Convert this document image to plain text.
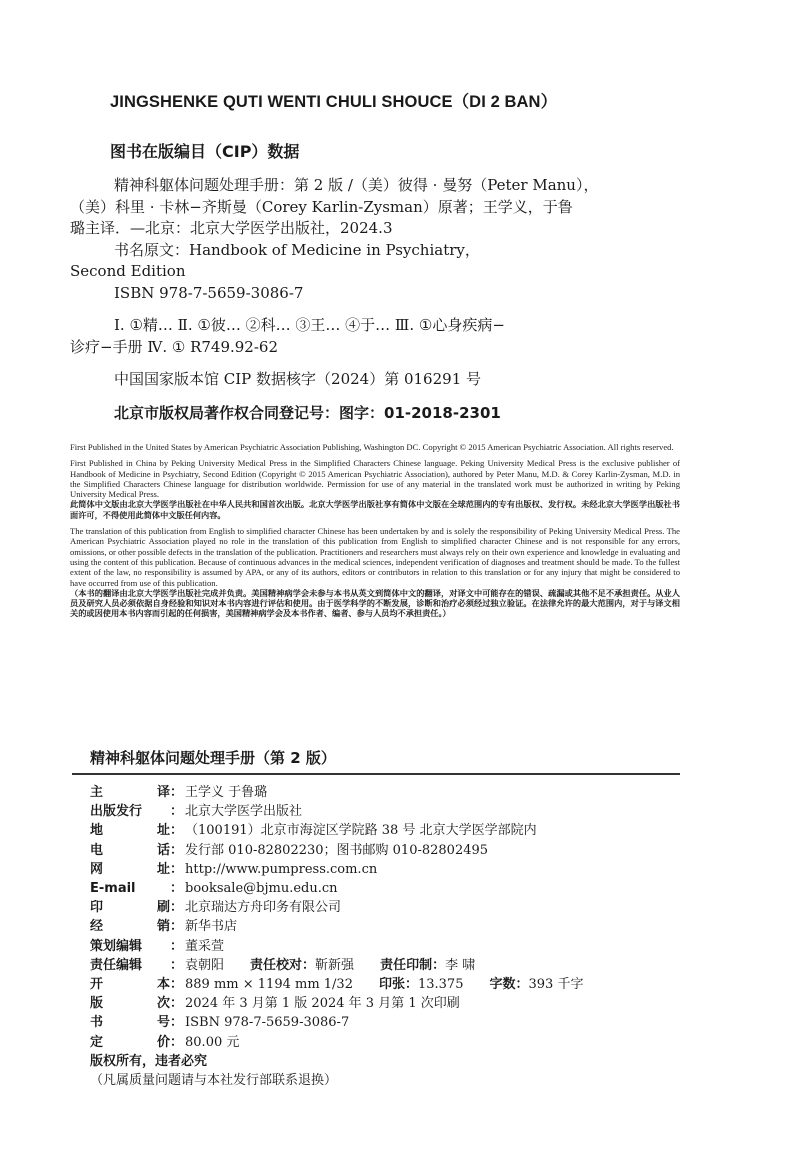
JINGSHENKE QUTI WENTI CHULI SHOUCE（DI 2 BAN）
图书在版编目（CIP）数据

精神科躯体问题处理手册：第 2 版 /（美）彼得 · 曼努（Peter Manu），

（美）科里 · 卡林−齐斯曼（Corey Karlin-Zysman）原著；王学义，于鲁

璐主译．—北京：北京大学医学出版社，2024.3

书名原文：Handbook of Medicine in Psychiatry，

Second Edition

ISBN 978-7-5659-3086-7

Ⅰ. ①精… Ⅱ. ①彼… ②科… ③王… ④于… Ⅲ. ①心身疾病−

诊疗−手册 Ⅳ. ① R749.92-62

中国国家版本馆 CIP 数据核字（2024）第 016291 号

北京市版权局著作权合同登记号：图字：01-2018-2301

First Published in the United States by American Psychiatric Association Publishing, Washington DC. Copyright © 2015 American Psychiatric Association. All rights reserved.

First Published in China by Peking University Medical Press in the Simplified Characters Chinese language. Peking University Medical Press is the exclusive publisher of Handbook of Medicine in Psychiatry, Second Edition (Copyright © 2015 American Psychiatric Association), authored by Peter Manu, M.D. & Corey Karlin-Zysman, M.D. in the Simplified Characters Chinese language for distribution worldwide. Permission for use of any material in the translated work must be authorized in writing by Peking University Medical Press.

此简体中文版由北京大学医学出版社在中华人民共和国首次出版。北京大学医学出版社享有简体中文版在全球范围内的专有出版权、发行权。未经北京大学医学出版社书面许可，不得使用此简体中文版任何内容。

The translation of this publication from English to simplified character Chinese has been undertaken by and is solely the responsibility of Peking University Medical Press. The American Psychiatric Association played no role in the translation of this publication from English to simplified character Chinese and is not responsible for any errors, omissions, or other possible defects in the translation of the publication. Practitioners and researchers must always rely on their own experience and knowledge in evaluating and using the content of this publication. Because of continuous advances in the medical sciences, independent verification of diagnoses and treatment should be made. To the fullest extent of the law, no responsibility is assumed by APA, or any of its authors, editors or contributors in relation to this translation or for any injury that might be considered to have occurred from use of this publication.

（本书的翻译由北京大学医学出版社完成并负责。美国精神病学会未参与本书从英文到简体中文的翻译，对译文中可能存在的错误、疏漏或其他不足不承担责任。从业人员及研究人员必须依据自身经验和知识对本书内容进行评估和使用。由于医学科学的不断发展，诊断和治疗必须经过独立验证。在法律允许的最大范围内，对于与译文相关的或因使用本书内容而引起的任何损害，美国精神病学会及本书作者、编者、参与人员均不承担责任。）

精神科躯体问题处理手册（第 2 版）
主	译 ： 王学义 于鲁璐
出版发行	： 北京大学医学出版社
地	址 ： （100191）北京市海淀区学院路 38 号 北京大学医学部院内
电	话 ： 发行部 010-82802230；图书邮购 010-82802495
网	址 ： http://www.pumpress.com.cn
E-mail	： booksale@bjmu.edu.cn
印	刷 ： 北京瑞达方舟印务有限公司
经	销 ： 新华书店
策划编辑	： 董采萱
责任编辑	： 袁朝阳 责任校对： 靳新强 责任印制： 李 啸
开	本 ： 889 mm × 1194 mm 1/32 印张： 13.375 字数： 393 千字
版	次 ： 2024 年 3 月第 1 版 2024 年 3 月第 1 次印刷
书	号 ： ISBN 978-7-5659-3086-7
定	价 ： 80.00 元
版权所有，违者必究
（凡属质量问题请与本社发行部联系退换）
